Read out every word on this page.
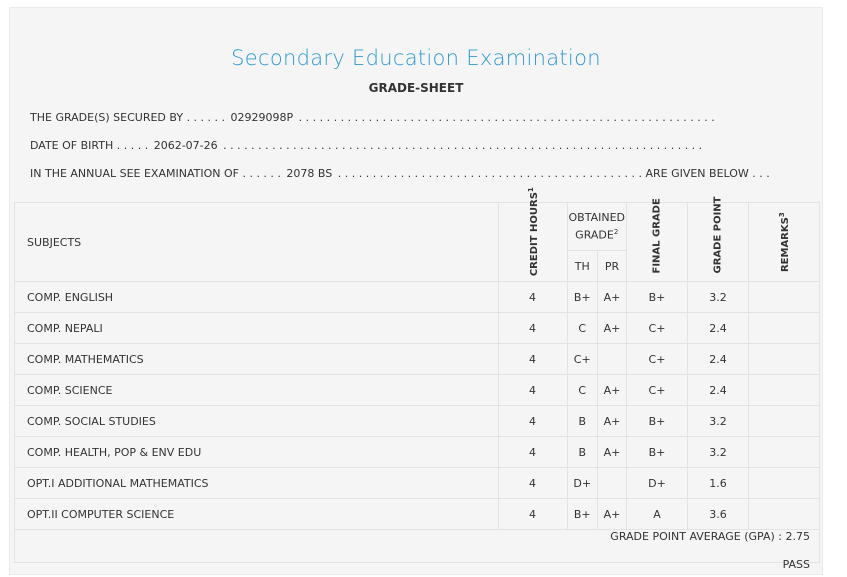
Secondary Education Examination
GRADE-SHEET
THE GRADE(S) SECURED BY . . . . . . 02929098P . . . . . . . . . . . . . . . . . . . . . . . . . . . . . . . . . . . . . . . . . . . . . . . . . . . . . . . . . . . .
DATE OF BIRTH . . . . . 2062-07-26 . . . . . . . . . . . . . . . . . . . . . . . . . . . . . . . . . . . . . . . . . . . . . . . . . . . . . . . . . . . . . . . . . . . . .
IN THE ANNUAL SEE EXAMINATION OF . . . . . . 2078 BS . . . . . . . . . . . . . . . . . . . . . . . . . . . . . . . . . . . . . . . . . . . . ARE GIVEN BELOW . . .
SUBJECTS	CREDIT HOURS$^1$	OBTAINED GRADE$^2$		FINAL GRADE	GRADE POINT	REMARKS$^3$
		TH	PR			
COMP. ENGLISH	4	B+	A+	B+	3.2	
COMP. NEPALI	4	C	A+	C+	2.4	
COMP. MATHEMATICS	4	C+		C+	2.4	
COMP. SCIENCE	4	C	A+	C+	2.4	
COMP. SOCIAL STUDIES	4	B	A+	B+	3.2	
COMP. HEALTH, POP & ENV EDU	4	B	A+	B+	3.2	
OPT.I ADDITIONAL MATHEMATICS	4	D+		D+	1.6	
OPT.II COMPUTER SCIENCE	4	B+	A+	A	3.6	

GRADE POINT AVERAGE (GPA) : 2.75
PASS
